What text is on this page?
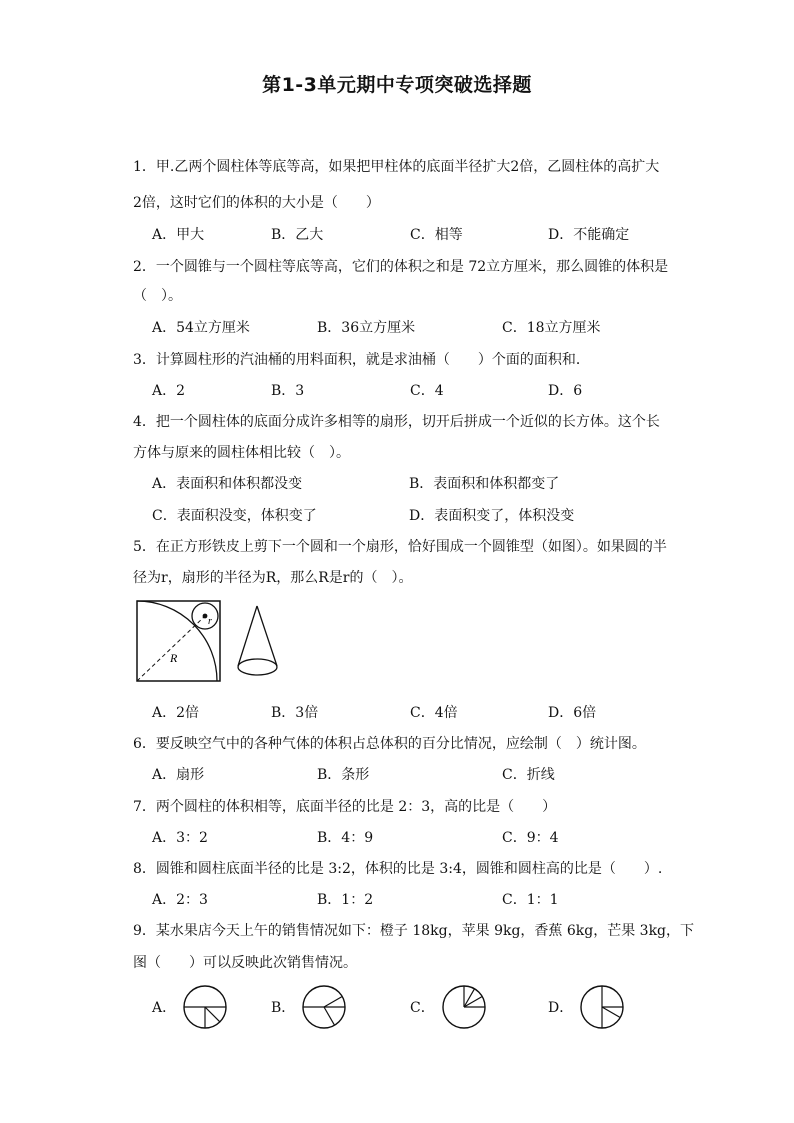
第1-3单元期中专项突破选择题
1．甲.乙两个圆柱体等底等高，如果把甲柱体的底面半径扩大2倍，乙圆柱体的高扩大
2倍，这时它们的体积的大小是（　　）
A．甲大	B．乙大	C．相等	D．不能确定
2．一个圆锥与一个圆柱等底等高，它们的体积之和是 72立方厘米，那么圆锥的体积是
（　）。
A．54立方厘米	B．36立方厘米	C．18立方厘米
3．计算圆柱形的汽油桶的用料面积，就是求油桶（　　）个面的面积和．
A．2	B．3	C．4	D．6
4．把一个圆柱体的底面分成许多相等的扇形，切开后拼成一个近似的长方体。这个长
方体与原来的圆柱体相比较（　）。
A．表面积和体积都没变	B．表面积和体积都变了
C．表面积没变，体积变了	D．表面积变了，体积没变
5．在正方形铁皮上剪下一个圆和一个扇形，恰好围成一个圆锥型（如图）。如果圆的半
径为r，扇形的半径为R，那么R是r的（　）。
R
r
A．2倍	B．3倍	C．4倍	D．6倍
6．要反映空气中的各种气体的体积占总体积的百分比情况，应绘制（　）统计图。
A．扇形	B．条形	C．折线
7．两个圆柱的体积相等，底面半径的比是 2：3，高的比是（　　）
A．3：2	B．4：9	C．9：4
8．圆锥和圆柱底面半径的比是 3:2，体积的比是 3:4，圆锥和圆柱高的比是（　　）.
A．2：3	B．1：2	C．1：1
9．某水果店今天上午的销售情况如下：橙子 18kg，苹果 9kg，香蕉 6kg，芒果 3kg，下
图（　　）可以反映此次销售情况。
A．	B．	C．	D．
